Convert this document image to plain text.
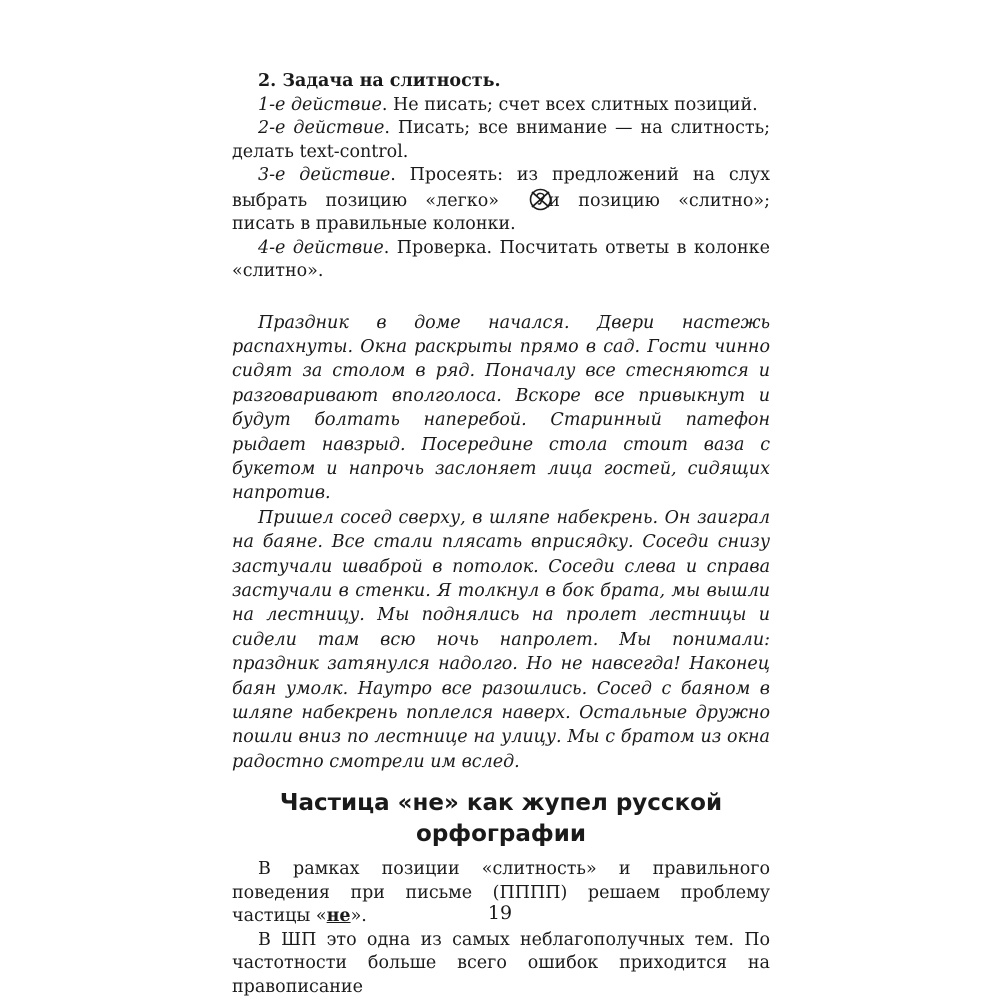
2. Задача на слитность.

1-е действие. Не писать; счет всех слитных позиций.

2-е действие. Писать; все внимание — на слитность; делать text-control.

3-е действие. Просеять: из предложений на слух выбрать позицию «легко» и позицию «слитно»; писать в правильные колонки.

4-е действие. Проверка. Посчитать ответы в колонке «слитно».

Праздник в доме начался. Двери настежь распахнуты. Окна раскрыты прямо в сад. Гости чинно сидят за столом в ряд. Поначалу все стесняются и разговаривают вполголоса. Вскоре все привыкнут и будут болтать наперебой. Старинный патефон рыдает навзрыд. Посередине стола стоит ваза с букетом и напрочь заслоняет лица гостей, сидящих напротив.

Пришел сосед сверху, в шляпе набекрень. Он заиграл на баяне. Все стали плясать вприсядку. Соседи снизу застучали шваброй в потолок. Соседи слева и справа застучали в стенки. Я толкнул в бок брата, мы вышли на лестницу. Мы поднялись на пролет лестницы и сидели там всю ночь напролет. Мы понимали: праздник затянулся надолго. Но не навсегда! Наконец баян умолк. Наутро все разошлись. Сосед с баяном в шляпе набекрень поплелся наверх. Остальные дружно пошли вниз по лестнице на улицу. Мы с братом из окна радостно смотрели им вслед.

Частица «не» как жупел русской
орфографии

В рамках позиции «слитность» и правильного поведения при письме (ПППП) решаем проблему частицы «не».

В ШП это одна из самых неблагополучных тем. По частотности больше всего ошибок приходится на правописание

19
